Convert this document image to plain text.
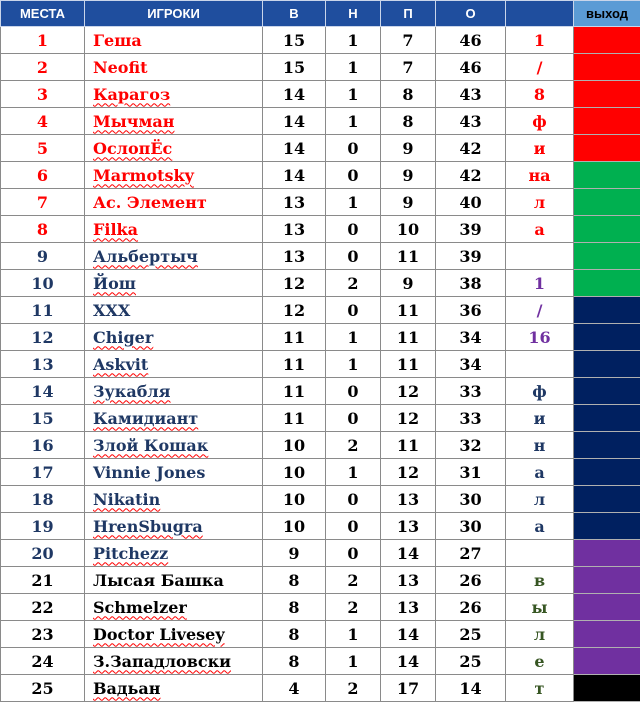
МЕСТА	ИГРОКИ	В	Н	П	О		выход
1	Геша	15	1	7	46	1	
2	Neofit	15	1	7	46	/	
3	Карагоз	14	1	8	43	8	
4	Мычман	14	1	8	43	ф	
5	ОслопЁс	14	0	9	42	и	
6	Marmotsky	14	0	9	42	на	
7	Ас. Элемент	13	1	9	40	л	
8	Filka	13	0	10	39	а	
9	Альбертыч	13	0	11	39		
10	Йош	12	2	9	38	1	
11	XXX	12	0	11	36	/	
12	Chiger	11	1	11	34	16	
13	Askvit	11	1	11	34		
14	Зукабля	11	0	12	33	ф	
15	Камидиант	11	0	12	33	и	
16	Злой Кошак	10	2	11	32	н	
17	Vinnie Jones	10	1	12	31	а	
18	Nikatin	10	0	13	30	л	
19	HrenSbugra	10	0	13	30	а	
20	Pitchezz	9	0	14	27		
21	Лысая Башка	8	2	13	26	в	
22	Schmelzer	8	2	13	26	ы	
23	Doctor Livesey	8	1	14	25	л	
24	З.Западловски	8	1	14	25	е	
25	Вадьан	4	2	17	14	т	
